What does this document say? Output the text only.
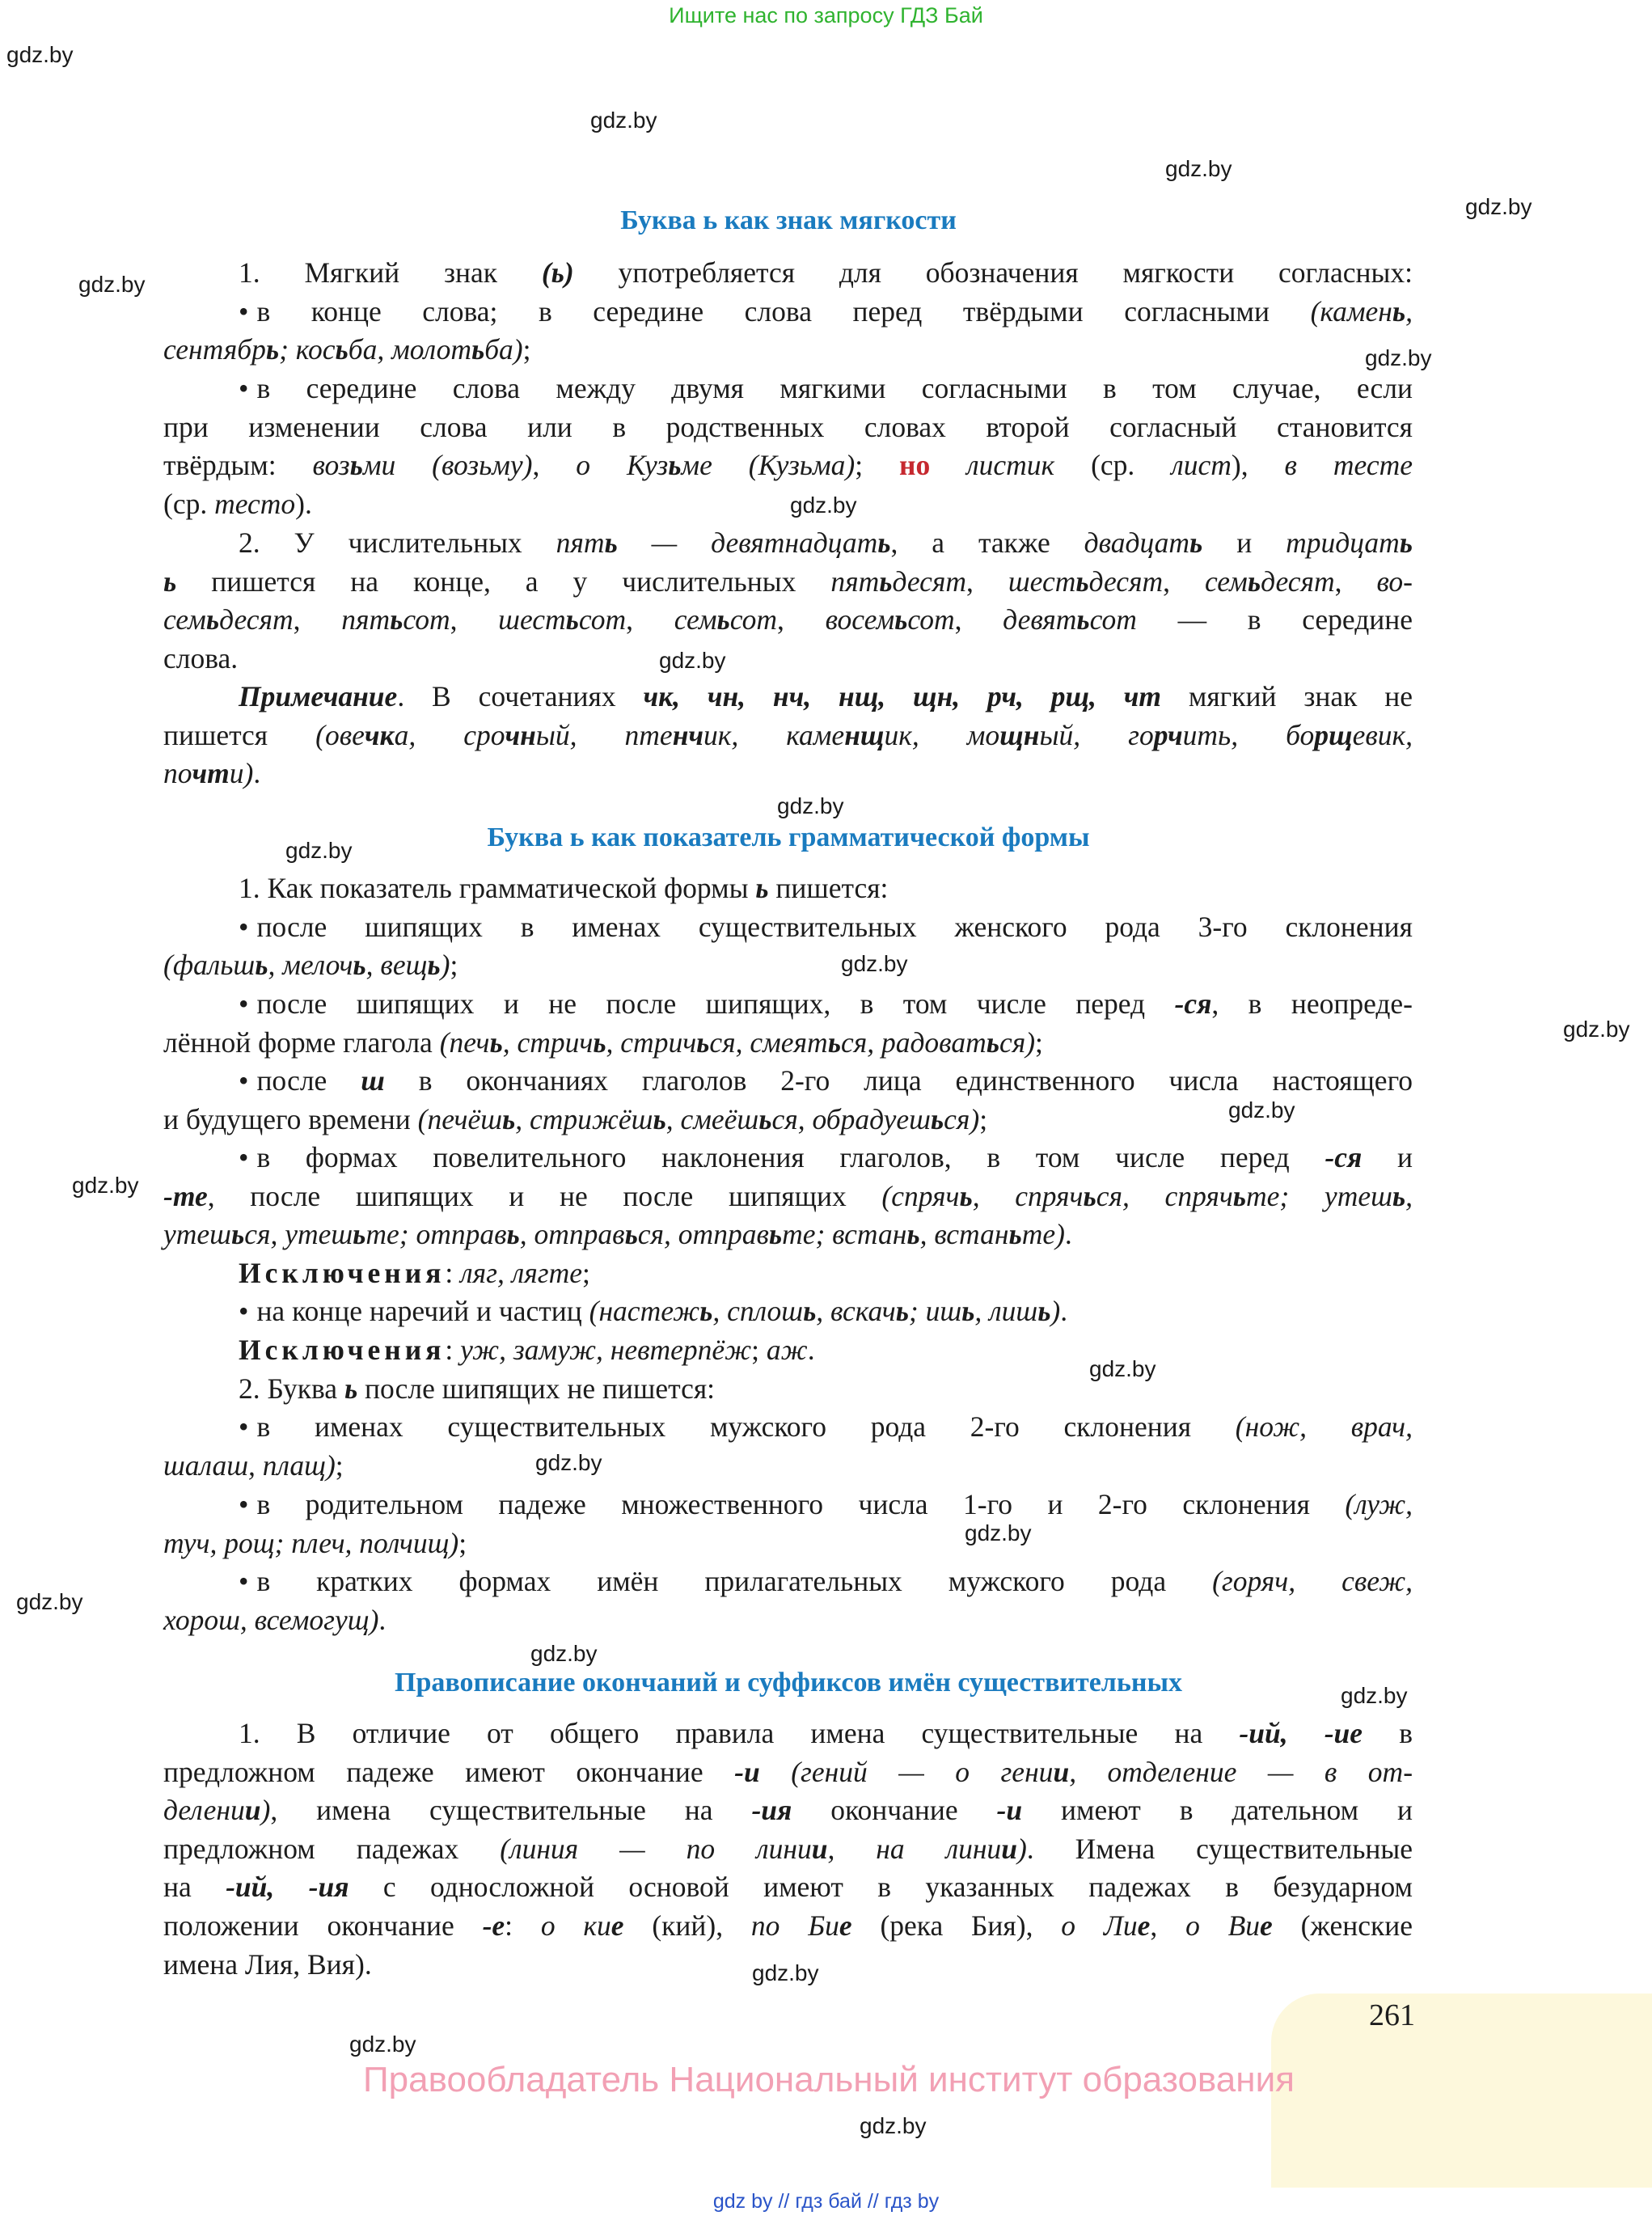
Ищите нас по запросу ГДЗ Бай
gdz.by
gdz.by
gdz.by
gdz.by
gdz.by
gdz.by
gdz.by
gdz.by
gdz.by
gdz.by
gdz.by
gdz.by
gdz.by
gdz.by
gdz.by
gdz.by
gdz.by
gdz.by
gdz.by
gdz.by
gdz.by
gdz.by
gdz.by
Буква ь как знак мягкости
1. Мягкий знак (ь) употребляется для обозначения мягкости согласных:
• в конце слова; в середине слова перед твёрдыми согласными (камень,
сентябрь; косьба, молотьба);
• в середине слова между двумя мягкими согласными в том случае, если
при изменении слова или в родственных словах второй согласный становится
твёрдым: возьми (возьму), о Кузьме (Кузьма); но листик (ср. лист), в тесте
(ср. тесто).
2. У числительных пять — девятнадцать, а также двадцать и тридцать
ь пишется на конце, а у числительных пятьдесят, шестьдесят, семьдесят, во-
семьдесят, пятьсот, шестьсот, семьсот, восемьсот, девятьсот — в середине
слова.
Примечание. В сочетаниях чк, чн, нч, нщ, щн, рч, рщ, чт мягкий знак не
пишется (овечка, срочный, птенчик, каменщик, мощный, горчить, борщевик,
почти).
Буква ь как показатель грамматической формы
1. Как показатель грамматической формы ь пишется:
• после шипящих в именах существительных женского рода 3-го склонения
(фальшь, мелочь, вещь);
• после шипящих и не после шипящих, в том числе перед -ся, в неопреде-
лённой форме глагола (печь, стричь, стричься, смеяться, радоваться);
• после ш в окончаниях глаголов 2-го лица единственного числа настоящего
и будущего времени (печёшь, стрижёшь, смеёшься, обрадуешься);
• в формах повелительного наклонения глаголов, в том числе перед -ся и
-те, после шипящих и не после шипящих (спрячь, спрячься, спрячьте; утешь,
утешься, утешьте; отправь, отправься, отправьте; встань, встаньте).
Исключения: ляг, лягте;
• на конце наречий и частиц (настежь, сплошь, вскачь; ишь, лишь).
Исключения: уж, замуж, невтерпёж; аж.
2. Буква ь после шипящих не пишется:
• в именах существительных мужского рода 2-го склонения (нож, врач,
шалаш, плащ);
• в родительном падеже множественного числа 1-го и 2-го склонения (луж,
туч, рощ; плеч, полчищ);
• в кратких формах имён прилагательных мужского рода (горяч, свеж,
хорош, всемогущ).
Правописание окончаний и суффиксов имён существительных
1. В отличие от общего правила имена существительные на -ий, -ие в
предложном падеже имеют окончание -и (гений — о гении, отделение — в от-
делении), имена существительные на -ия окончание -и имеют в дательном и
предложном падежах (линия — по линии, на линии). Имена существительные
на -ий, -ия с односложной основой имеют в указанных падежах в безударном
положении окончание -е: о кие (кий), по Бие (река Бия), о Лие, о Вие (женские
имена Лия, Вия).
261
Правообладатель Национальный институт образования
gdz by // гдз бай // гдз by
